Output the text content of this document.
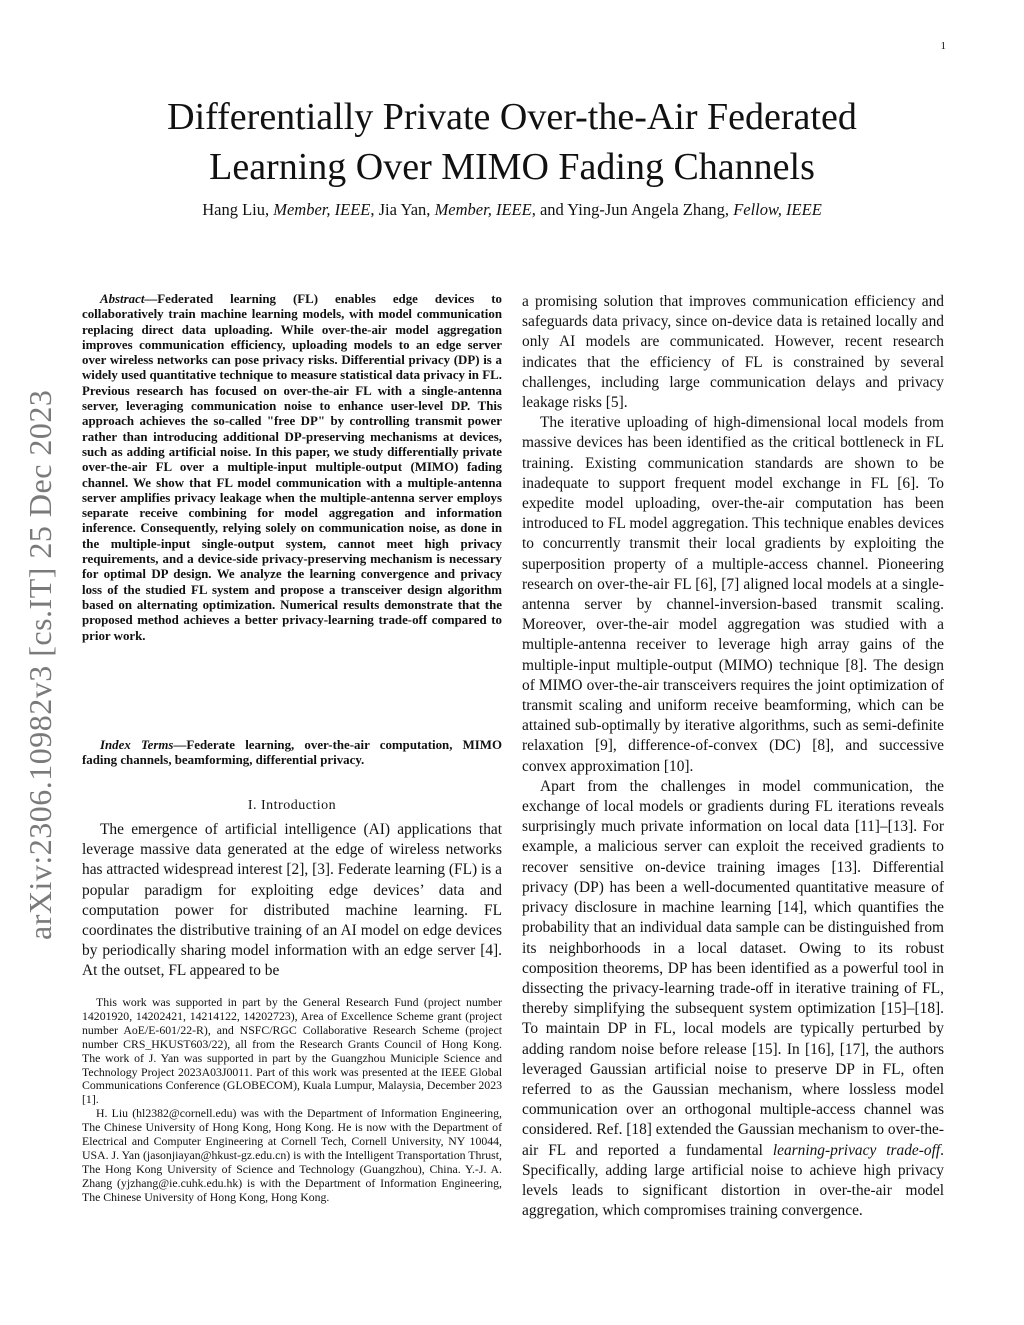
1
arXiv:2306.10982v3 [cs.IT] 25 Dec 2023
Differentially Private Over-the-Air Federated
Learning Over MIMO Fading Channels
Hang Liu, Member, IEEE, Jia Yan, Member, IEEE, and Ying-Jun Angela Zhang, Fellow, IEEE

Abstract—Federated learning (FL) enables edge devices to collaboratively train machine learning models, with model communication replacing direct data uploading. While over-the-air model aggregation improves communication efficiency, uploading models to an edge server over wireless networks can pose privacy risks. Differential privacy (DP) is a widely used quantitative technique to measure statistical data privacy in FL. Previous research has focused on over-the-air FL with a single-antenna server, leveraging communication noise to enhance user-level DP. This approach achieves the so-called "free DP" by controlling transmit power rather than introducing additional DP-preserving mechanisms at devices, such as adding artificial noise. In this paper, we study differentially private over-the-air FL over a multiple-input multiple-output (MIMO) fading channel. We show that FL model communication with a multiple-antenna server amplifies privacy leakage when the multiple-antenna server employs separate receive combining for model aggregation and information inference. Consequently, relying solely on communication noise, as done in the multiple-input single-output system, cannot meet high privacy requirements, and a device-side privacy-preserving mechanism is necessary for optimal DP design. We analyze the learning convergence and privacy loss of the studied FL system and propose a transceiver design algorithm based on alternating optimization. Numerical results demonstrate that the proposed method achieves a better privacy-learning trade-off compared to prior work.

Index Terms—Federate learning, over-the-air computation, MIMO fading channels, beamforming, differential privacy.
I. Introduction

The emergence of artificial intelligence (AI) applications that leverage massive data generated at the edge of wireless networks has attracted widespread interest [2], [3]. Federate learning (FL) is a popular paradigm for exploiting edge devices’ data and computation power for distributed machine learning. FL coordinates the distributive training of an AI model on edge devices by periodically sharing model information with an edge server [4]. At the outset, FL appeared to be

This work was supported in part by the General Research Fund (project number 14201920, 14202421, 14214122, 14202723), Area of Excellence Scheme grant (project number AoE/E-601/22-R), and NSFC/RGC Collaborative Research Scheme (project number CRS_HKUST603/22), all from the Research Grants Council of Hong Kong. The work of J. Yan was supported in part by the Guangzhou Municiple Science and Technology Project 2023A03J0011. Part of this work was presented at the IEEE Global Communications Conference (GLOBECOM), Kuala Lumpur, Malaysia, December 2023 [1].

H. Liu (hl2382@cornell.edu) was with the Department of Information Engineering, The Chinese University of Hong Kong, Hong Kong. He is now with the Department of Electrical and Computer Engineering at Cornell Tech, Cornell University, NY 10044, USA. J. Yan (jasonjiayan@hkust-gz.edu.cn) is with the Intelligent Transportation Thrust, The Hong Kong University of Science and Technology (Guangzhou), China. Y.-J. A. Zhang (yjzhang@ie.cuhk.edu.hk) is with the Department of Information Engineering, The Chinese University of Hong Kong, Hong Kong.

a promising solution that improves communication efficiency and safeguards data privacy, since on-device data is retained locally and only AI models are communicated. However, recent research indicates that the efficiency of FL is constrained by several challenges, including large communication delays and privacy leakage risks [5].

The iterative uploading of high-dimensional local models from massive devices has been identified as the critical bottleneck in FL training. Existing communication standards are shown to be inadequate to support frequent model exchange in FL [6]. To expedite model uploading, over-the-air computation has been introduced to FL model aggregation. This technique enables devices to concurrently transmit their local gradients by exploiting the superposition property of a multiple-access channel. Pioneering research on over-the-air FL [6], [7] aligned local models at a single-antenna server by channel-inversion-based transmit scaling. Moreover, over-the-air model aggregation was studied with a multiple-antenna receiver to leverage high array gains of the multiple-input multiple-output (MIMO) technique [8]. The design of MIMO over-the-air transceivers requires the joint optimization of transmit scaling and uniform receive beamforming, which can be attained sub-optimally by iterative algorithms, such as semi-definite relaxation [9], difference-of-convex (DC) [8], and successive convex approximation [10].

Apart from the challenges in model communication, the exchange of local models or gradients during FL iterations reveals surprisingly much private information on local data [11]–[13]. For example, a malicious server can exploit the received gradients to recover sensitive on-device training images [13]. Differential privacy (DP) has been a well-documented quantitative measure of privacy disclosure in machine learning [14], which quantifies the probability that an individual data sample can be distinguished from its neighborhoods in a local dataset. Owing to its robust composition theorems, DP has been identified as a powerful tool in dissecting the privacy-learning trade-off in iterative training of FL, thereby simplifying the subsequent system optimization [15]–[18]. To maintain DP in FL, local models are typically perturbed by adding random noise before release [15]. In [16], [17], the authors leveraged Gaussian artificial noise to preserve DP in FL, often referred to as the Gaussian mechanism, where lossless model communication over an orthogonal multiple-access channel was considered. Ref. [18] extended the Gaussian mechanism to over-the-air FL and reported a fundamental learning-privacy trade-off. Specifically, adding large artificial noise to achieve high privacy levels leads to significant distortion in over-the-air model aggregation, which compromises training convergence.
